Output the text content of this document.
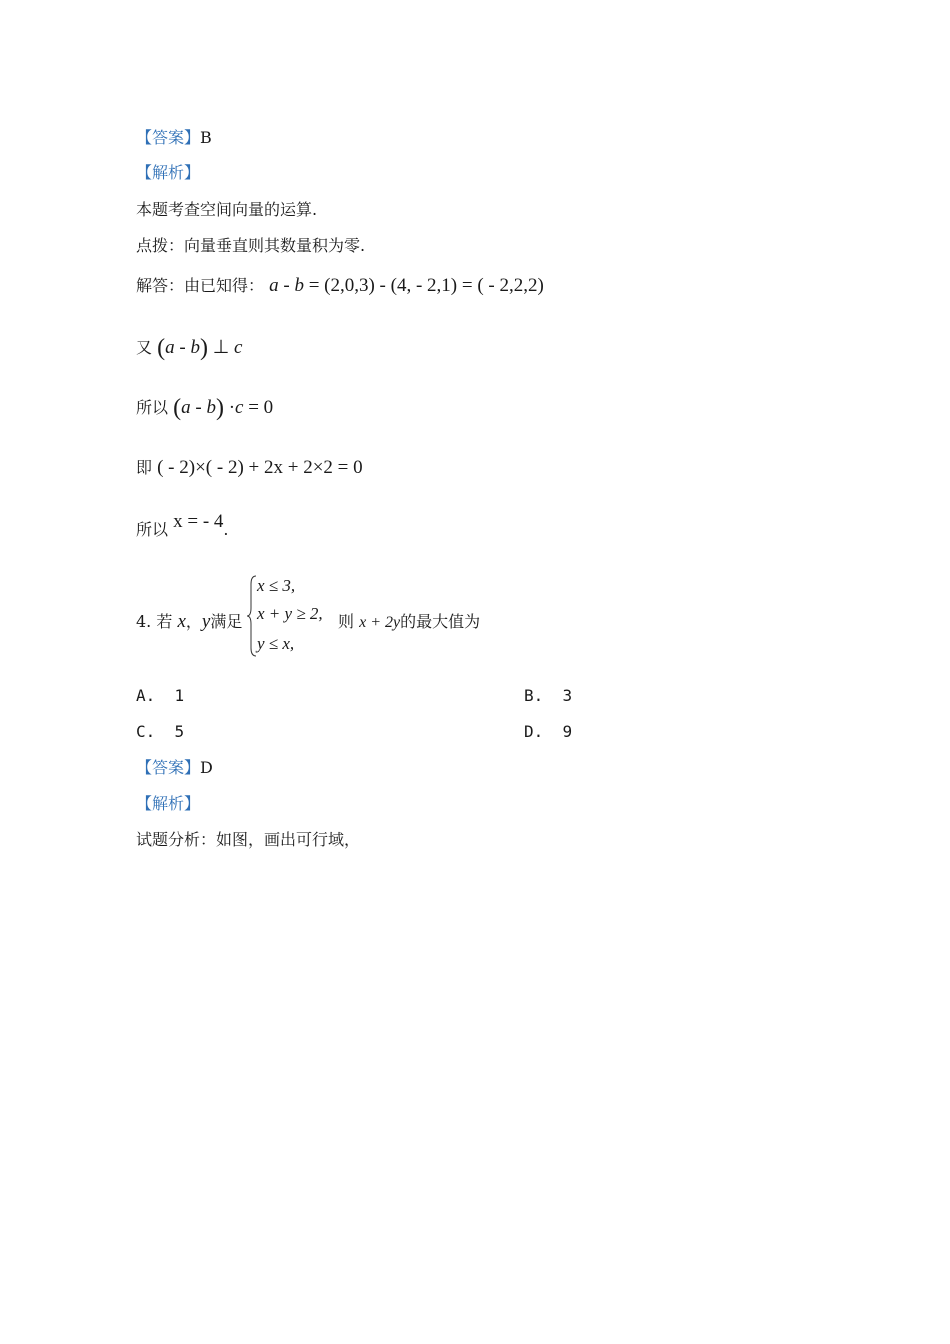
【答案】B
【解析】
本题考查空间向量的运算.
点拨：向量垂直则其数量积为零.
解答：由已知得： a - b = (2,0,3) - (4, - 2,1) = ( - 2,2,2)
又 (a - b) ⊥ c
所以 (a - b) ·c = 0
即 ( - 2)×( - 2) + 2x + 2×2 = 0
所以 x = - 4.
4. 若 x，y满足
x ≤ 3,
x + y ≥ 2,
y ≤ x,
则 x + 2y的最大值为
A. 1	B. 3
C. 5	D. 9
【答案】D
【解析】
试题分析：如图，画出可行域，
